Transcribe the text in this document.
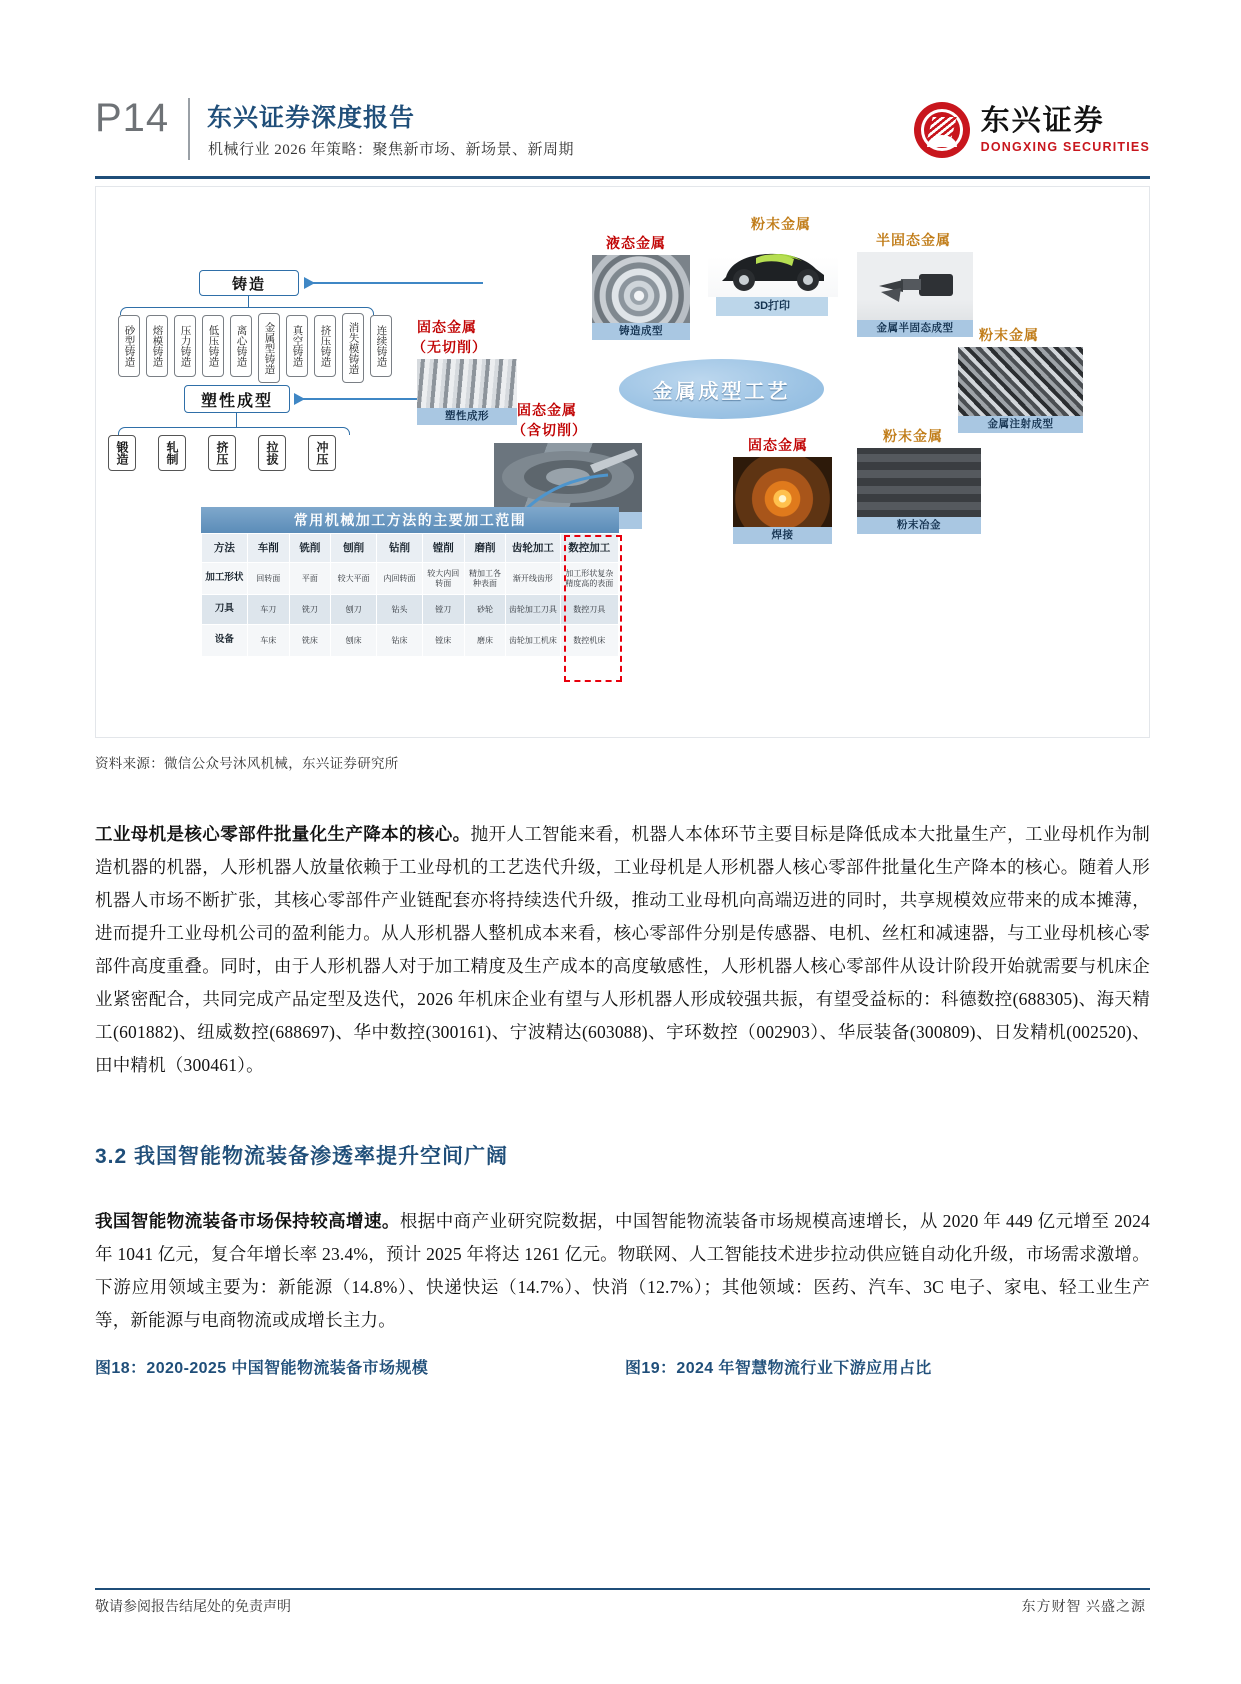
P14 东兴证券深度报告
机械行业 2026 年策略：聚焦新市场、新场景、新周期
东兴证券
DONGXING SECURITIES
铸造
砂型铸造	熔模铸造	压力铸造	低压铸造	离心铸造	金属型铸造	真空铸造	挤压铸造	消失模铸造	连续铸造
塑性成型
锻造	轧制	挤压	拉拔	冲压
金属成型工艺
液态金属
铸造成型
粉末金属
3D打印
半固态金属
金属半固态成型
粉末金属
金属注射成型
固态金属
（无切削）
塑性成形	固态金属
（含切削）
固态金属
焊接
粉末金属
粉末冶金
常用机械加工方法的主要加工范围
方法	车削	铣削	刨削	钻削	镗削	磨削	齿轮加工	数控加工
加工形状	回转面	平面	较大平面	内回转面	较大内回转面	精加工各种表面	渐开线齿形	加工形状复杂精度高的表面
刀具	车刀	铣刀	刨刀	钻头	镗刀	砂轮	齿轮加工刀具	数控刀具
设备	车床	铣床	刨床	钻床	镗床	磨床	齿轮加工机床	数控机床
资料来源：微信公众号沐风机械，东兴证券研究所
工业母机是核心零部件批量化生产降本的核心。抛开人工智能来看，机器人本体环节主要目标是降低成本大批量生产，工业母机作为制造机器的机器，人形机器人放量依赖于工业母机的工艺迭代升级，工业母机是人形机器人核心零部件批量化生产降本的核心。随着人形机器人市场不断扩张，其核心零部件产业链配套亦将持续迭代升级，推动工业母机向高端迈进的同时，共享规模效应带来的成本摊薄，进而提升工业母机公司的盈利能力。从人形机器人整机成本来看，核心零部件分别是传感器、电机、丝杠和减速器，与工业母机核心零部件高度重叠。同时，由于人形机器人对于加工精度及生产成本的高度敏感性，人形机器人核心零部件从设计阶段开始就需要与机床企业紧密配合，共同完成产品定型及迭代，2026 年机床企业有望与人形机器人形成较强共振，有望受益标的：科德数控(688305)、海天精工(601882)、纽威数控(688697)、华中数控(300161)、宁波精达(603088)、宇环数控（002903）、华辰装备(300809)、日发精机(002520)、田中精机（300461）。
3.2 我国智能物流装备渗透率提升空间广阔
我国智能物流装备市场保持较高增速。根据中商产业研究院数据，中国智能物流装备市场规模高速增长，从 2020 年 449 亿元增至 2024 年 1041 亿元，复合年增长率 23.4%，预计 2025 年将达 1261 亿元。物联网、人工智能技术进步拉动供应链自动化升级，市场需求激增。下游应用领域主要为：新能源（14.8%）、快递快运（14.7%）、快消（12.7%）；其他领域：医药、汽车、3C 电子、家电、轻工业生产等，新能源与电商物流或成增长主力。
图18：2020-2025 中国智能物流装备市场规模	图19：2024 年智慧物流行业下游应用占比
敬请参阅报告结尾处的免责声明	东方财智 兴盛之源
